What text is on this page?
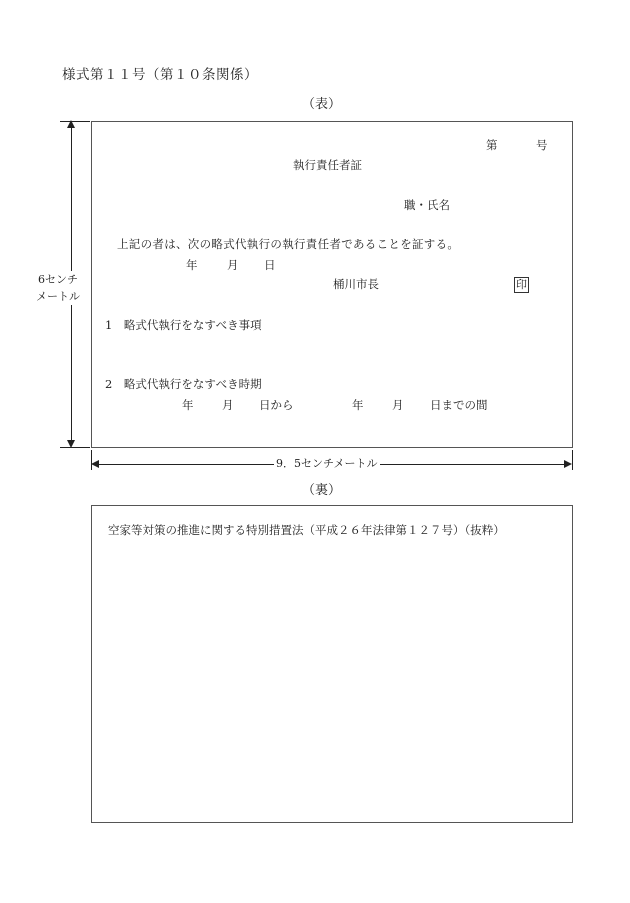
様式第１１号（第１０条関係）
（表）
6センチ
メートル
第	号
執行責任者証
職・氏名
上記の者は、次の略式代執行の執行責任者であることを証する。
年	月 日
桶川市長	印
1　略式代執行をなすべき事項
2　略式代執行をなすべき時期
年 月 日から	年 月 日までの間
9．5センチメートル
（裏）
空家等対策の推進に関する特別措置法（平成２６年法律第１２７号）（抜粋）
